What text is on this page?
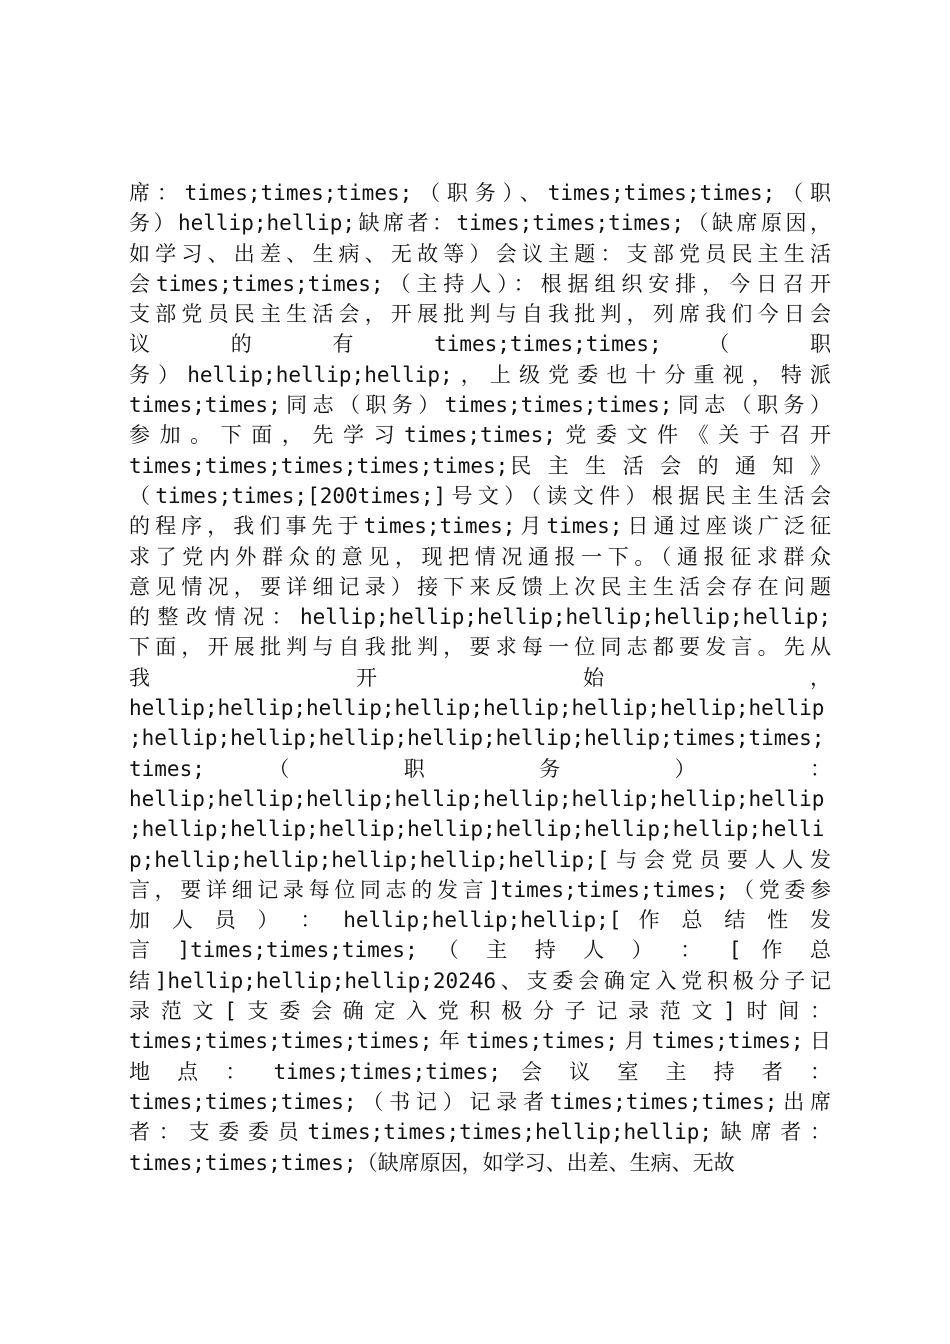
席：times;times;times;（职务）、times;times;times;（职
务）hellip;hellip;缺席者：times;times;times;（缺席原因，
如学习、出差、生病、无故等）会议主题：支部党员民主生活
会times;times;times;（主持人）：根据组织安排，今日召开
支部党员民主生活会，开展批判与自我批判，列席我们今日会
议 的 有 times;times;times; （ 职
务）hellip;hellip;hellip;，上级党委也十分重视，特派
times;times;同志（职务）times;times;times;同志（职务）
参加。下面，先学习times;times;党委文件《关于召开
times;times;times;times;times;民 主 生 活 会 的 通 知 》
（times;times;[200times;]号文）（读文件）根据民主生活会
的程序，我们事先于times;times;月times;日通过座谈广泛征
求了党内外群众的意见，现把情况通报一下。（通报征求群众
意见情况，要详细记录）接下来反馈上次民主生活会存在问题
的整改情况：hellip;hellip;hellip;hellip;hellip;hellip;
下面，开展批判与自我批判，要求每一位同志都要发言。先从
我 开 始 ，
hellip;hellip;hellip;hellip;hellip;hellip;hellip;hellip
;hellip;hellip;hellip;hellip;hellip;hellip;times;times;
times; （ 职 务 ） ：
hellip;hellip;hellip;hellip;hellip;hellip;hellip;hellip
;hellip;hellip;hellip;hellip;hellip;hellip;hellip;helli
p;hellip;hellip;hellip;hellip;hellip;[与会党员要人人发
言，要详细记录每位同志的发言]times;times;times;（党委参
加 人 员 ） ： hellip;hellip;hellip;[ 作 总 结 性 发
言 ]times;times;times; （ 主 持 人 ） ： [ 作 总
结]hellip;hellip;hellip;20246、支委会确定入党积极分子记
录范文[支委会确定入党积极分子记录范文]时间：
times;times;times;times;年times;times;月times;times;日
地 点 ： times;times;times; 会 议 室 主 持 者 ：
times;times;times;（书记）记录者times;times;times;出席
者：支委委员times;times;times;hellip;hellip;缺席者：
times;times;times;（缺席原因，如学习、出差、生病、无故
